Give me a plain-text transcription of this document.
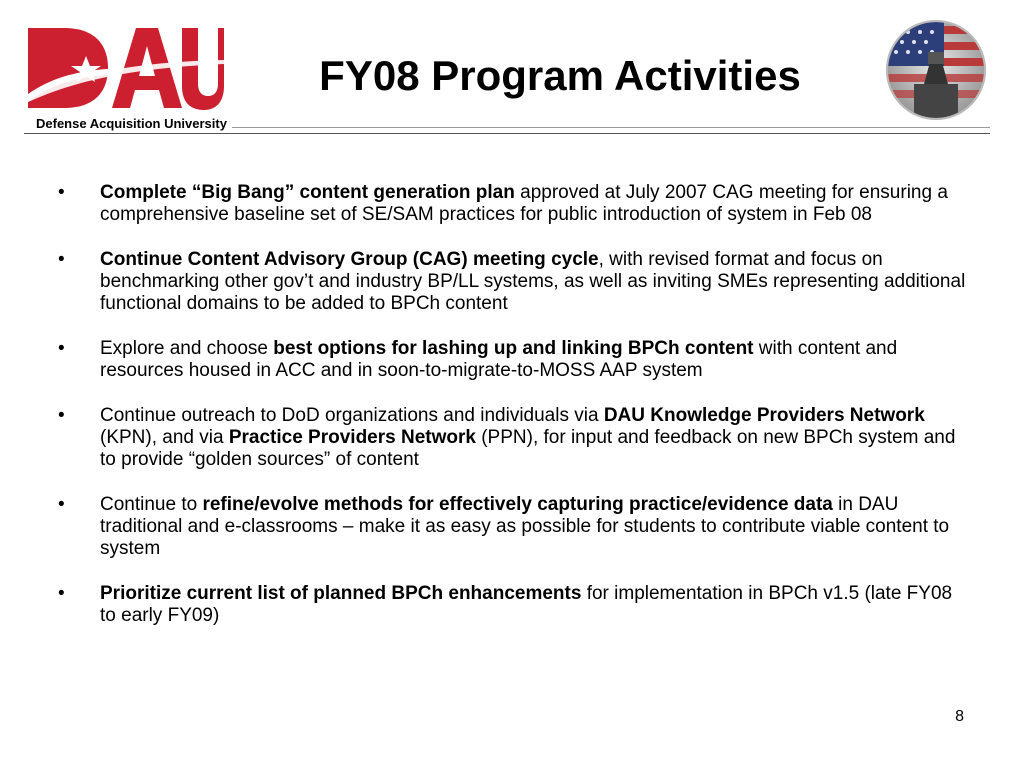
Defense Acquisition University
FY08 Program Activities
• Complete “Big Bang” content generation plan approved at July 2007 CAG meeting for ensuring a comprehensive baseline set of SE/SAM practices for public introduction of system in Feb 08
• Continue Content Advisory Group (CAG) meeting cycle, with revised format and focus on benchmarking other gov’t and industry BP/LL systems, as well as inviting SMEs representing additional functional domains to be added to BPCh content
• Explore and choose best options for lashing up and linking BPCh content with content and resources housed in ACC and in soon-to-migrate-to-MOSS AAP system
• Continue outreach to DoD organizations and individuals via DAU Knowledge Providers Network (KPN), and via Practice Providers Network (PPN), for input and feedback on new BPCh system and to provide “golden sources” of content
• Continue to refine/evolve methods for effectively capturing practice/evidence data in DAU traditional and e-classrooms – make it as easy as possible for students to contribute viable content to system
• Prioritize current list of planned BPCh enhancements for implementation in BPCh v1.5 (late FY08 to early FY09)
8
